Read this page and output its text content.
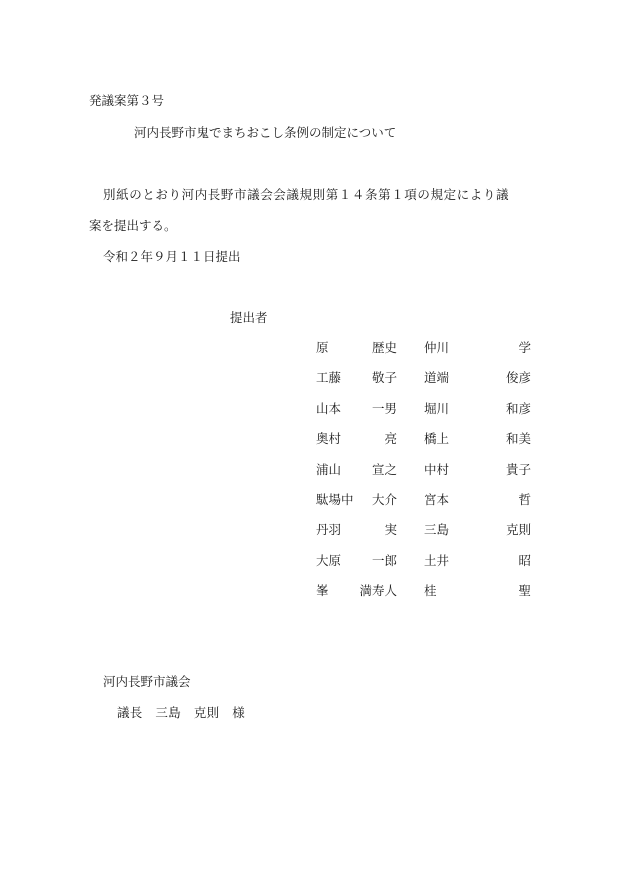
発議案第３号
河内長野市鬼でまちおこし条例の制定について
別紙のとおり河内長野市議会会議規則第１４条第１項の規定により議
案を提出する。
令和２年９月１１日提出
提出者
原	歴史 仲川	学
工藤	敬子 道端	俊彦
山本	一男 堀川	和彦
奥村	亮 橋上	和美
浦山	宣之 中村	貴子
駄場中	大介 宮本	哲
丹羽	実 三島	克則
大原	一郎 土井	昭
峯	満寿人 桂	聖
河内長野市議会
議長　三島　克則　様
